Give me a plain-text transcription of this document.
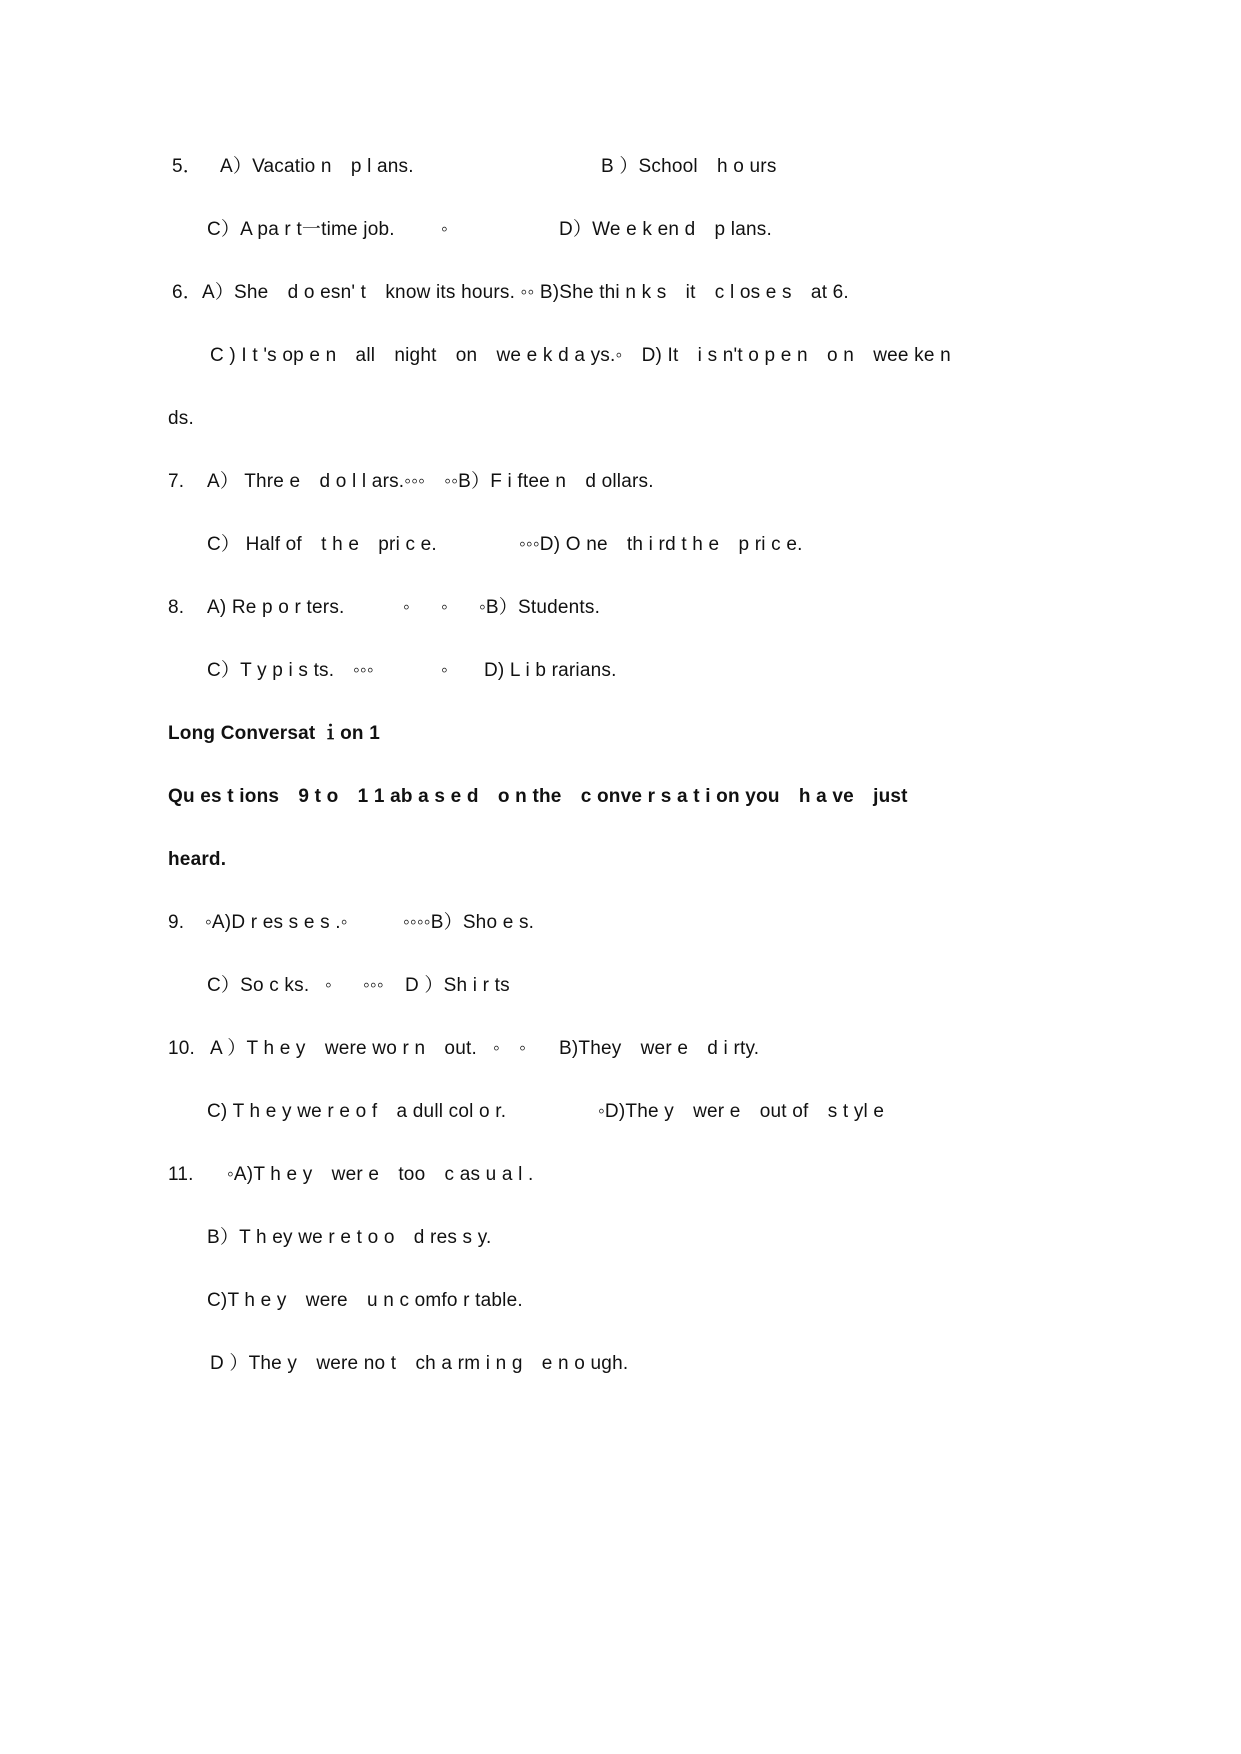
5． A）Vacatio n　p l ans.	B ）School　h o urs
C）A pa r t一time job. ◦	D）We e k en d　p lans.
6．A）She　d o esn' t　know its hours. ◦◦ B)She thi n k s　it　c l os e s　at 6.
C ) I t 's op e n　all　night　on　we e k d a ys.◦　D) It　i s n't o p e n　o n　wee ke n
ds.
7. A） Thre e　d o l l ars.◦◦◦　◦◦B）F i ftee n　d ollars.
C） Half of　t h e　pri c e.	◦◦◦D) O ne　th i rd t h e　p ri c e.
8. A) Re p o r ters.	◦ ◦ ◦B）Students.
C）T y p i s ts. ◦◦◦	◦ D) L i b rarians.
Long Conversat ｉon 1
Qu es t ions　9 t o　1 1 ab a s e d　o n the　c onve r s a t i on you　h a ve　just
heard.
9. ◦A)D r es s e s .◦	◦◦◦◦B）Sho e s.
C）So c ks. ◦ ◦◦◦ D ）Sh i r ts
10. A ）T h e y　were wo r n　out. ◦　◦ B)They　wer e　d i rty.
C) T h e y we r e o f　a dull col o r.	◦D)The y　wer e　out of　s t yl e
11. ◦A)T h e y　wer e　too　c as u a l .
B）T h ey we r e t o o　d res s y.
C)T h e y　were　u n c omfo r table.
D ）The y　were no t　ch a rm i n g　e n o ugh.
